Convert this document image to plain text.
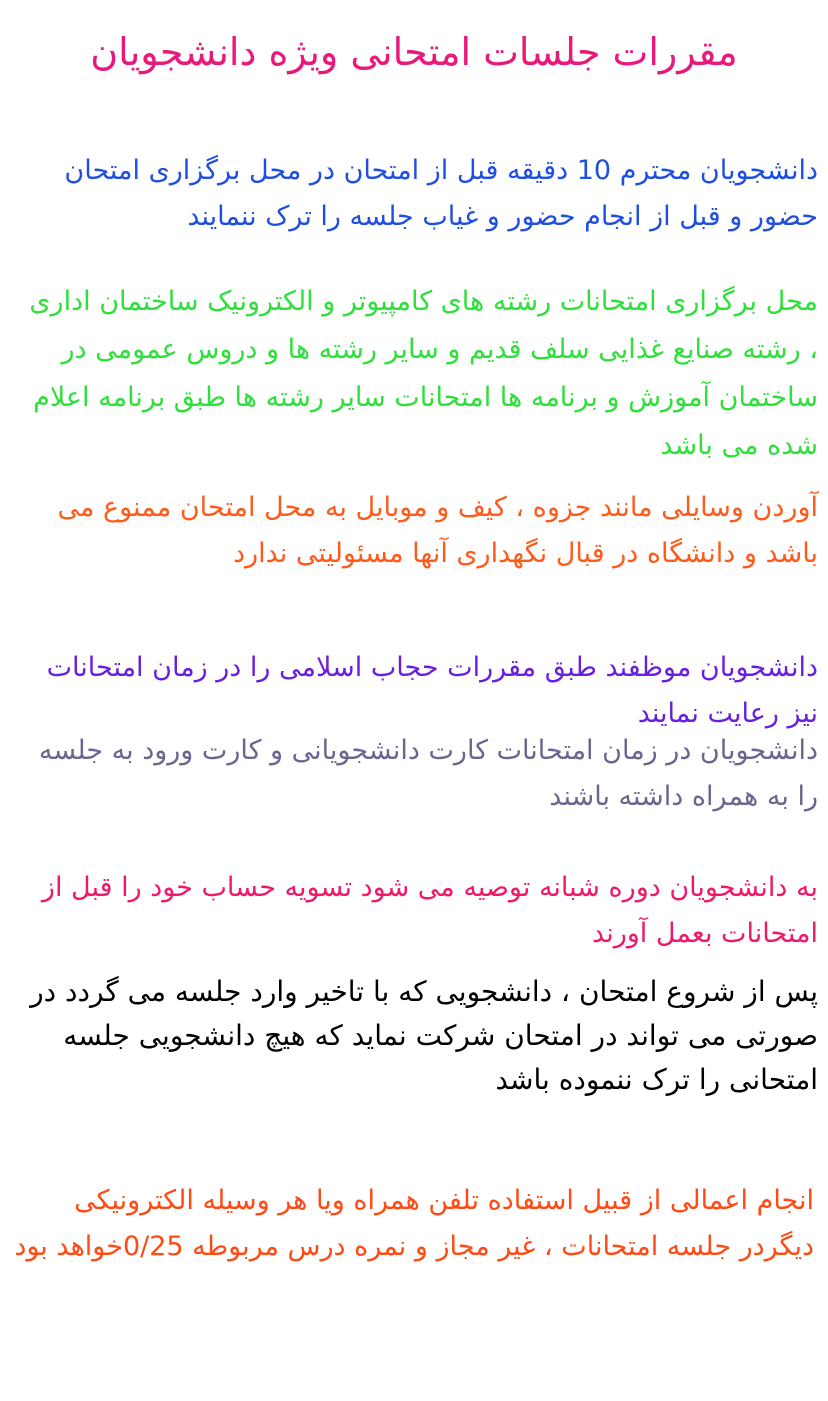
مقررات جلسات امتحانی ویژه دانشجویان

دانشجویان محترم 10 دقیقه قبل از امتحان در محل برگزاری امتحان حضور و قبل از انجام حضور و غیاب جلسه را ترک ننمایند

محل برگزاری امتحانات رشته های کامپیوتر و الکترونیک ساختمان اداری ، رشته صنایع غذایی سلف قدیم و سایر رشته ها و دروس عمومی در ساختمان آموزش و برنامه ها امتحانات سایر رشته ها طبق برنامه اعلام شده می باشد

آوردن وسایلی مانند جزوه ، کیف و موبایل به محل امتحان ممنوع می باشد و دانشگاه در قبال نگهداری آنها مسئولیتی ندارد

دانشجویان موظفند طبق مقررات حجاب اسلامی را در زمان امتحانات نیز رعایت نمایند

دانشجویان در زمان امتحانات کارت دانشجویانی و کارت ورود به جلسه را به همراه داشته باشند

به دانشجویان دوره شبانه توصیه می شود تسویه حساب خود را قبل از امتحانات بعمل آورند

پس از شروع امتحان ، دانشجویی که با تاخیر وارد جلسه می گردد در صورتی می تواند در امتحان شرکت نماید که هیچ دانشجویی جلسه امتحانی را ترک ننموده باشد

انجام اعمالی از قبیل استفاده تلفن همراه ویا هر وسیله الکترونیکی دیگردر جلسه امتحانات ، غیر مجاز و نمره درس مربوطه 0/25خواهد بود
